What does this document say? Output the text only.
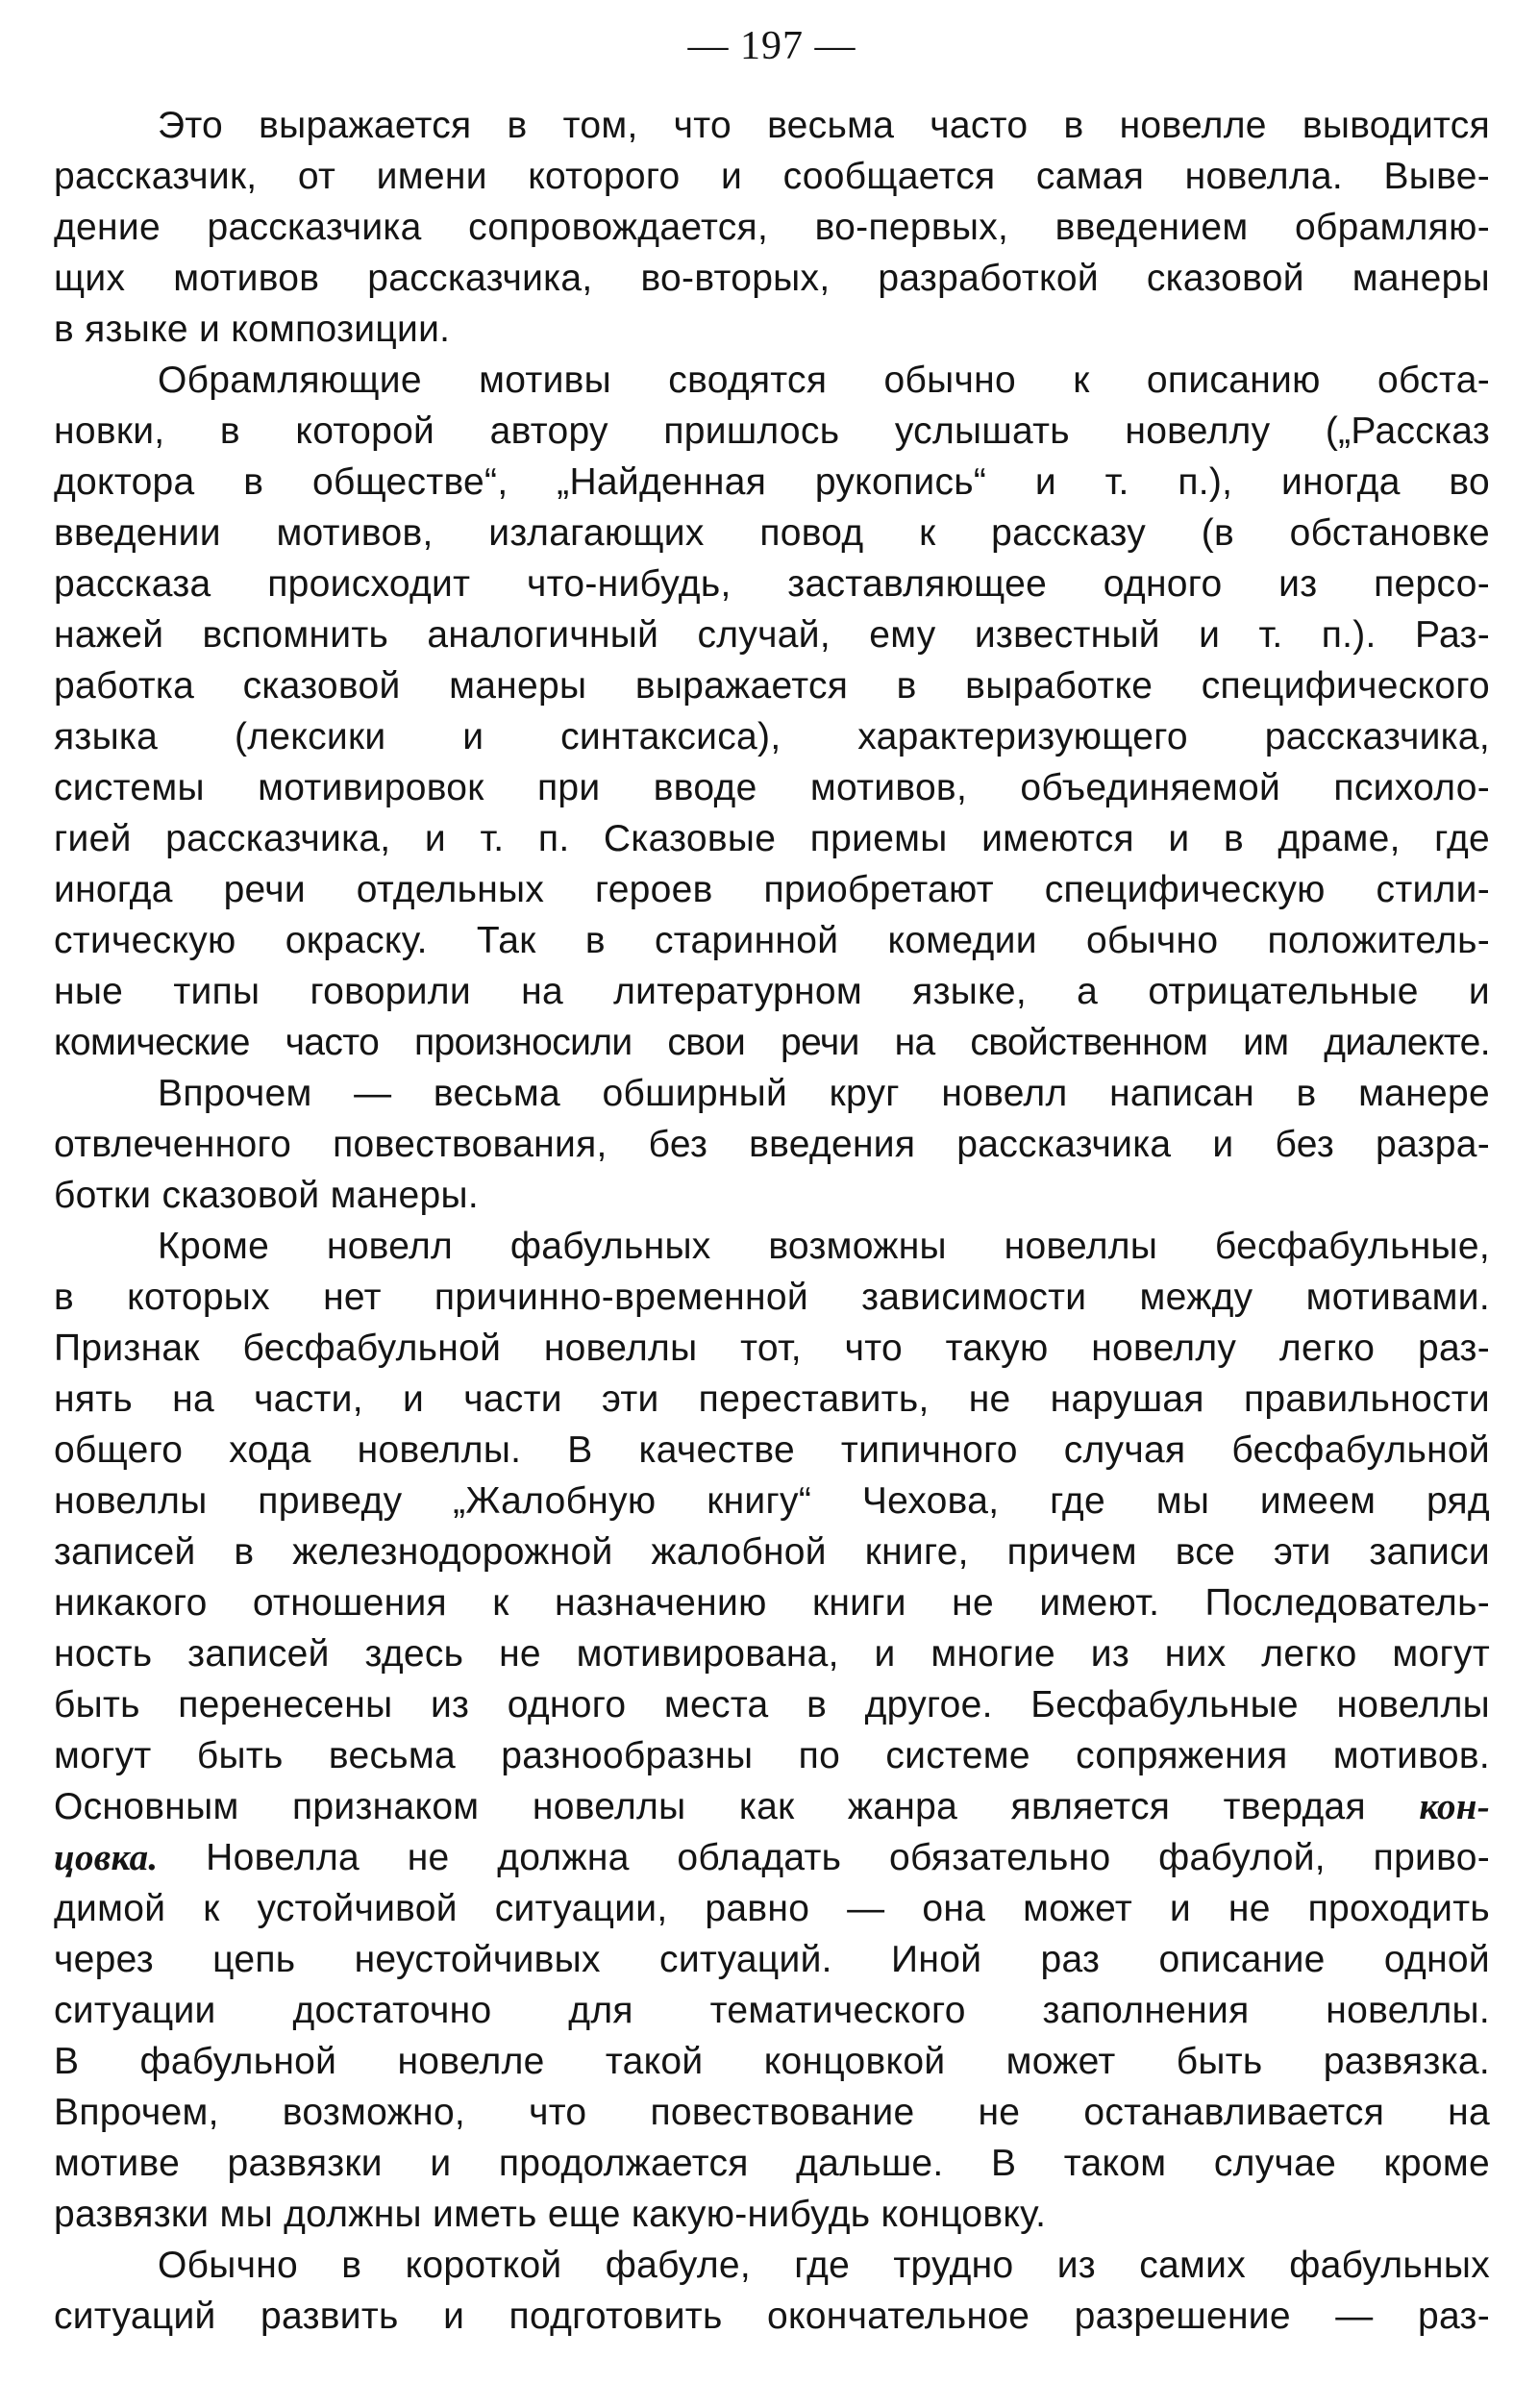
— 197 —
Это выражается в том, что весьма часто в новелле выводится
рассказчик, от имени которого и сообщается самая новелла. Выве-
дение рассказчика сопровождается, во-первых, введением обрамляю-
щих мотивов рассказчика, во-вторых, разработкой сказовой манеры
в языке и композиции.
Обрамляющие мотивы сводятся обычно к описанию обста-
новки, в которой автору пришлось услышать новеллу („Рассказ
доктора в обществе“, „Найденная рукопись“ и т. п.), иногда во
введении мотивов, излагающих повод к рассказу (в обстановке
рассказа происходит что-нибудь, заставляющее одного из персо-
нажей вспомнить аналогичный случай, ему известный и т. п.). Раз-
работка сказовой манеры выражается в выработке специфического
языка (лексики и синтаксиса), характеризующего рассказчика,
системы мотивировок при вводе мотивов, объединяемой психоло-
гией рассказчика, и т. п. Сказовые приемы имеются и в драме, где
иногда речи отдельных героев приобретают специфическую стили-
стическую окраску. Так в старинной комедии обычно положитель-
ные типы говорили на литературном языке, а отрицательные и
комические часто произносили свои речи на свойственном им диалекте.
Впрочем — весьма обширный круг новелл написан в манере
отвлеченного повествования, без введения рассказчика и без разра-
ботки сказовой манеры.
Кроме новелл фабульных возможны новеллы бесфабульные,
в которых нет причинно-временной зависимости между мотивами.
Признак бесфабульной новеллы тот, что такую новеллу легко раз-
нять на части, и части эти переставить, не нарушая правильности
общего хода новеллы. В качестве типичного случая бесфабульной
новеллы приведу „Жалобную книгу“ Чехова, где мы имеем ряд
записей в железнодорожной жалобной книге, причем все эти записи
никакого отношения к назначению книги не имеют. Последователь-
ность записей здесь не мотивирована, и многие из них легко могут
быть перенесены из одного места в другое. Бесфабульные новеллы
могут быть весьма разнообразны по системе сопряжения мотивов.
Основным признаком новеллы как жанра является твердая кон-
цовка. Новелла не должна обладать обязательно фабулой, приво-
димой к устойчивой ситуации, равно — она может и не проходить
через цепь неустойчивых ситуаций. Иной раз описание одной
ситуации достаточно для тематического заполнения новеллы.
В фабульной новелле такой концовкой может быть развязка.
Впрочем, возможно, что повествование не останавливается на
мотиве развязки и продолжается дальше. В таком случае кроме
развязки мы должны иметь еще какую-нибудь концовку.
Обычно в короткой фабуле, где трудно из самих фабульных
ситуаций развить и подготовить окончательное разрешение — раз-
